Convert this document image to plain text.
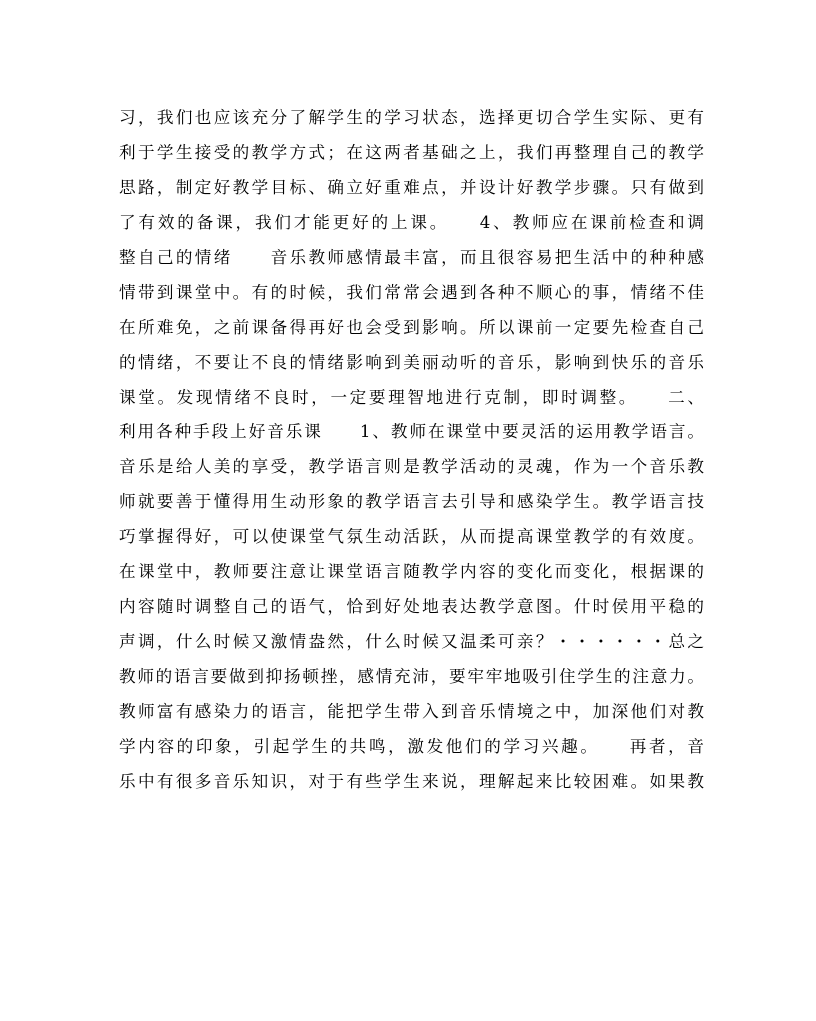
习，我们也应该充分了解学生的学习状态，选择更切合学生实际、更有
利于学生接受的教学方式；在这两者基础之上，我们再整理自己的教学
思路，制定好教学目标、确立好重难点，并设计好教学步骤。只有做到
了有效的备课，我们才能更好的上课。　　4、教师应在课前检查和调
整自己的情绪　　音乐教师感情最丰富，而且很容易把生活中的种种感
情带到课堂中。有的时候，我们常常会遇到各种不顺心的事，情绪不佳
在所难免，之前课备得再好也会受到影响。所以课前一定要先检查自己
的情绪，不要让不良的情绪影响到美丽动听的音乐，影响到快乐的音乐
课堂。发现情绪不良时，一定要理智地进行克制，即时调整。　　二、
利用各种手段上好音乐课　　1、教师在课堂中要灵活的运用教学语言。
音乐是给人美的享受，教学语言则是教学活动的灵魂，作为一个音乐教
师就要善于懂得用生动形象的教学语言去引导和感染学生。教学语言技
巧掌握得好，可以使课堂气氛生动活跃，从而提高课堂教学的有效度。
在课堂中，教师要注意让课堂语言随教学内容的变化而变化，根据课的
内容随时调整自己的语气，恰到好处地表达教学意图。什时侯用平稳的
声调，什么时候又激情盎然，什么时候又温柔可亲？・・・・・・总之
教师的语言要做到抑扬顿挫，感情充沛，要牢牢地吸引住学生的注意力。
教师富有感染力的语言，能把学生带入到音乐情境之中，加深他们对教
学内容的印象，引起学生的共鸣，激发他们的学习兴趣。　　再者，音
乐中有很多音乐知识，对于有些学生来说，理解起来比较困难。如果教
